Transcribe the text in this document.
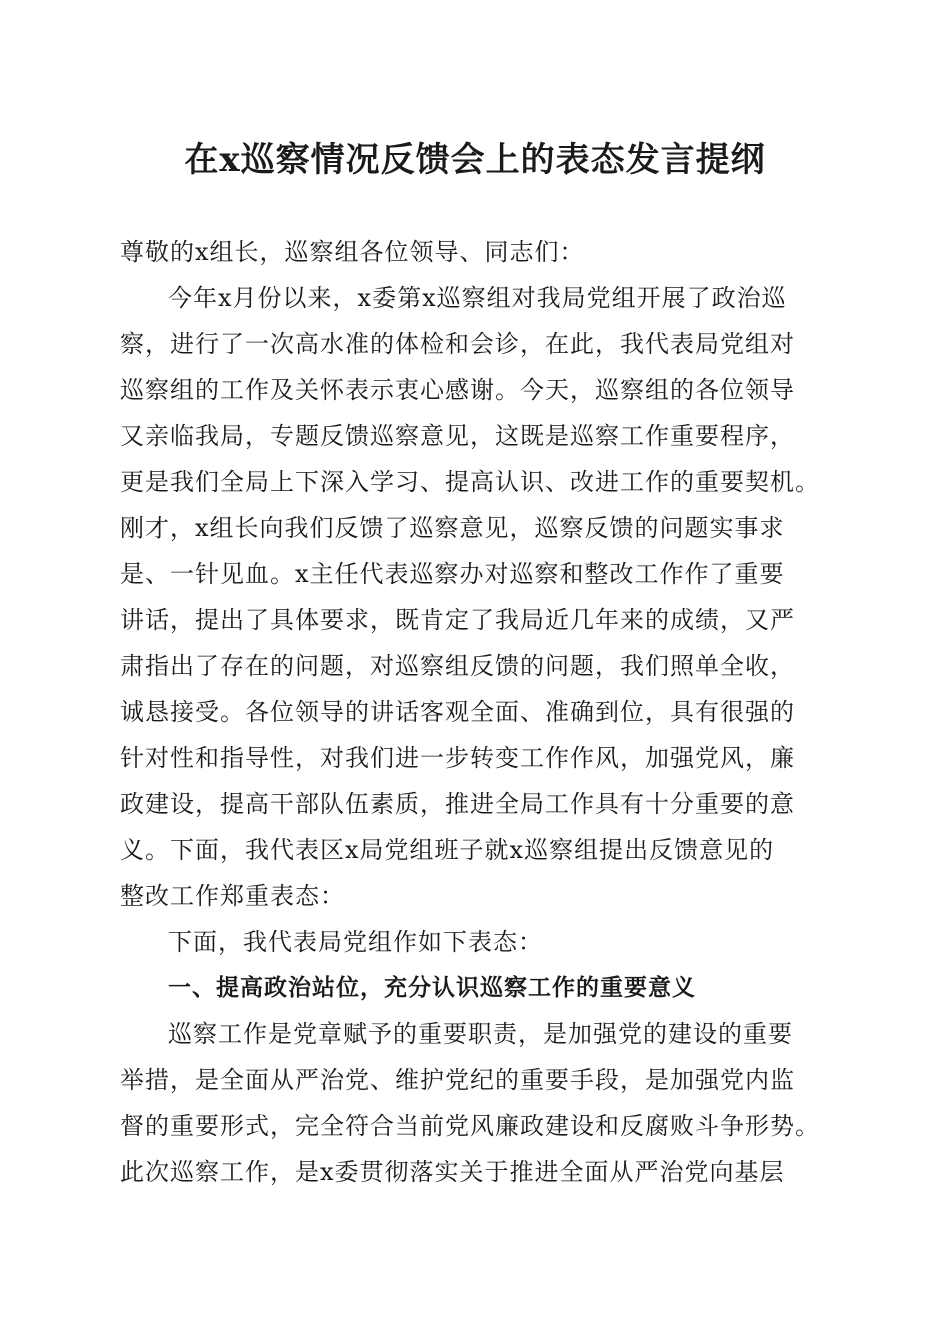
在x巡察情况反馈会上的表态发言提纲
尊敬的x组长，巡察组各位领导、同志们：
今年x月份以来，x委第x巡察组对我局党组开展了政治巡
察，进行了一次高水准的体检和会诊，在此，我代表局党组对
巡察组的工作及关怀表示衷心感谢。今天，巡察组的各位领导
又亲临我局，专题反馈巡察意见，这既是巡察工作重要程序，
更是我们全局上下深入学习、提高认识、改进工作的重要契机。
刚才，x组长向我们反馈了巡察意见，巡察反馈的问题实事求
是、一针见血。x主任代表巡察办对巡察和整改工作作了重要
讲话，提出了具体要求，既肯定了我局近几年来的成绩，又严
肃指出了存在的问题，对巡察组反馈的问题，我们照单全收，
诚恳接受。各位领导的讲话客观全面、准确到位，具有很强的
针对性和指导性，对我们进一步转变工作作风，加强党风，廉
政建设，提高干部队伍素质，推进全局工作具有十分重要的意
义。下面，我代表区x局党组班子就x巡察组提出反馈意见的
整改工作郑重表态：
下面，我代表局党组作如下表态：
一、提高政治站位，充分认识巡察工作的重要意义
巡察工作是党章赋予的重要职责，是加强党的建设的重要
举措，是全面从严治党、维护党纪的重要手段，是加强党内监
督的重要形式，完全符合当前党风廉政建设和反腐败斗争形势。
此次巡察工作，是x委贯彻落实关于推进全面从严治党向基层
